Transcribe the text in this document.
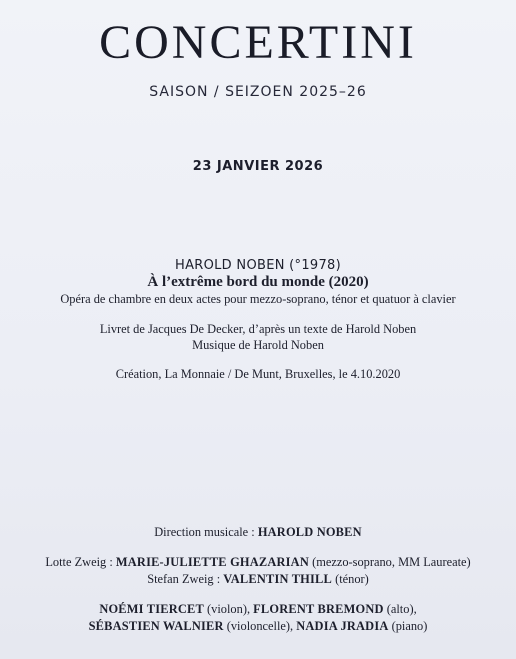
CONCERTINI
SAISON / SEIZOEN 2025–26
23 JANVIER 2026
HAROLD NOBEN (°1978)
À l’extrême bord du monde (2020)
Opéra de chambre en deux actes pour mezzo-soprano, ténor et quatuor à clavier
Livret de Jacques De Decker, d’après un texte de Harold Noben
Musique de Harold Noben
Création, La Monnaie / De Munt, Bruxelles, le 4.10.2020
Direction musicale : HAROLD NOBEN
Lotte Zweig : MARIE-JULIETTE GHAZARIAN (mezzo-soprano, MM Laureate)
Stefan Zweig : VALENTIN THILL (ténor)
NOÉMI TIERCET (violon), FLORENT BREMOND (alto),
SÉBASTIEN WALNIER (violoncelle), NADIA JRADIA (piano)
